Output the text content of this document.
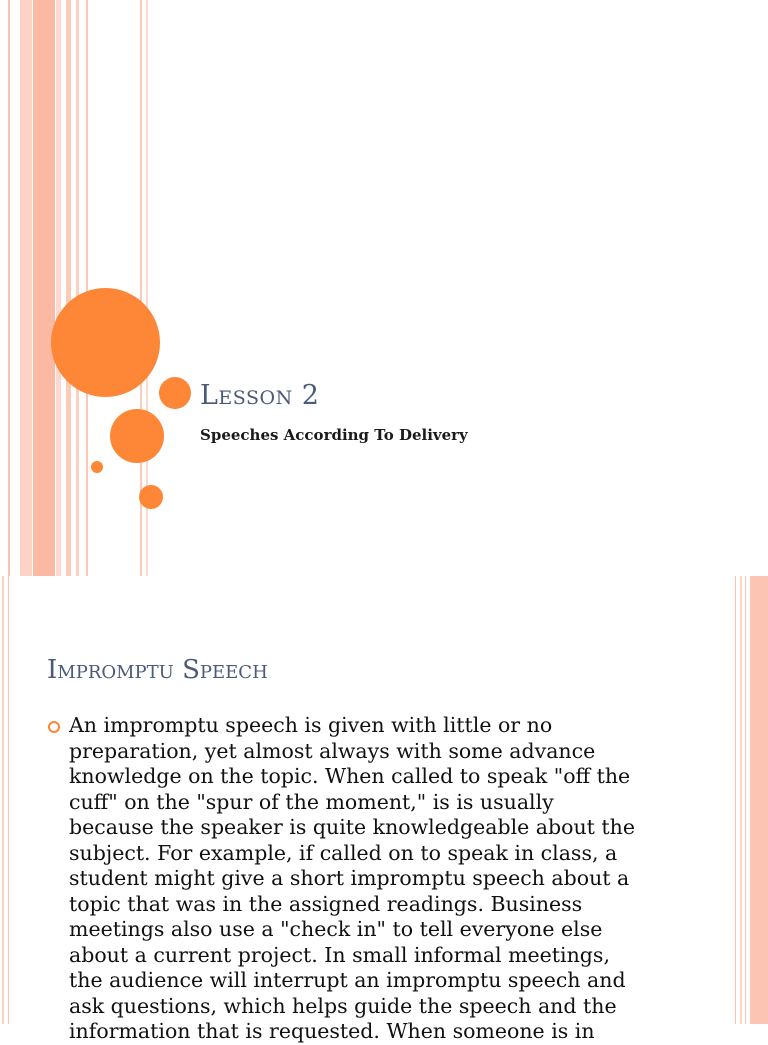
Lesson 2
Speeches According To Delivery
Impromptu Speech
An impromptu speech is given with little or no
preparation, yet almost always with some advance
knowledge on the topic. When called to speak "off the
cuff" on the "spur of the moment," is is usually
because the speaker is quite knowledgeable about the
subject. For example, if called on to speak in class, a
student might give a short impromptu speech about a
topic that was in the assigned readings. Business
meetings also use a "check in" to tell everyone else
about a current project. In small informal meetings,
the audience will interrupt an impromptu speech and
ask questions, which helps guide the speech and the
information that is requested. When someone is in
